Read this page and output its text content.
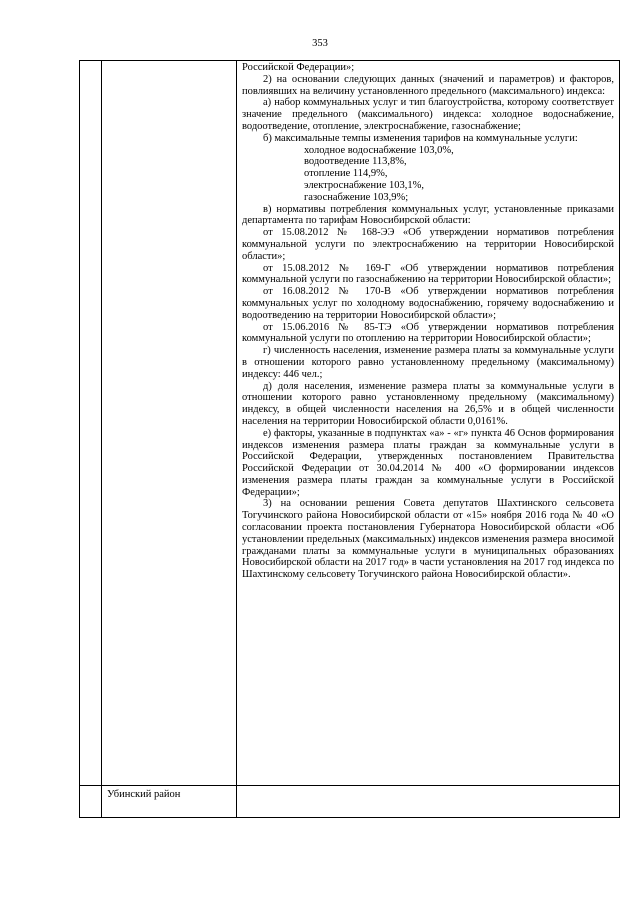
353

Российской Федерации»;

2) на основании следующих данных (значений и параметров) и факторов, повлиявших на величину установленного предельного (максимального) индекса:

а) набор коммунальных услуг и тип благоустройства, которому соответствует значение предельного (максимального) индекса: холодное водоснабжение, водоотведение, отопление, электроснабжение, газоснабжение;

б) максимальные темпы изменения тарифов на коммунальные услуги:

холодное водоснабжение 103,0%,

водоотведение 113,8%,

отопление 114,9%,

электроснабжение 103,1%,

газоснабжение 103,9%;

в) нормативы потребления коммунальных услуг, установленные приказами департамента по тарифам Новосибирской области:

от 15.08.2012 № 168-ЭЭ «Об утверждении нормативов потребления коммунальной услуги по электроснабжению на территории Новосибирской области»;

от 15.08.2012 № 169-Г «Об утверждении нормативов потребления коммунальной услуги по газоснабжению на территории Новосибирской области»;

от 16.08.2012 № 170-В «Об утверждении нормативов потребления коммунальных услуг по холодному водоснабжению, горячему водоснабжению и водоотведению на территории Новосибирской области»;

от 15.06.2016 № 85-ТЭ «Об утверждении нормативов потребления коммунальной услуги по отоплению на территории Новосибирской области»;

г) численность населения, изменение размера платы за коммунальные услуги в отношении которого равно установленному предельному (максимальному) индексу: 446 чел.;

д) доля населения, изменение размера платы за коммунальные услуги в отношении которого равно установленному предельному (максимальному) индексу, в общей численности населения на 26,5% и в общей численности населения на территории Новосибирской области 0,0161%.

е) факторы, указанные в подпунктах «а» - «г» пункта 46 Основ формирования индексов изменения размера платы граждан за коммунальные услуги в Российской Федерации, утвержденных постановлением Правительства Российской Федерации от 30.04.2014 № 400 «О формировании индексов изменения размера платы граждан за коммунальные услуги в Российской Федерации»;

3) на основании решения Совета депутатов Шахтинского сельсовета Тогучинского района Новосибирской области от «15» ноября 2016 года № 40 «О согласовании проекта постановления Губернатора Новосибирской области «Об установлении предельных (максимальных) индексов изменения размера вносимой гражданами платы за коммунальные услуги в муниципальных образованиях Новосибирской области на 2017 год» в части установления на 2017 год индекса по Шахтинскому сельсовету Тогучинского района Новосибирской области».

Убинский район
